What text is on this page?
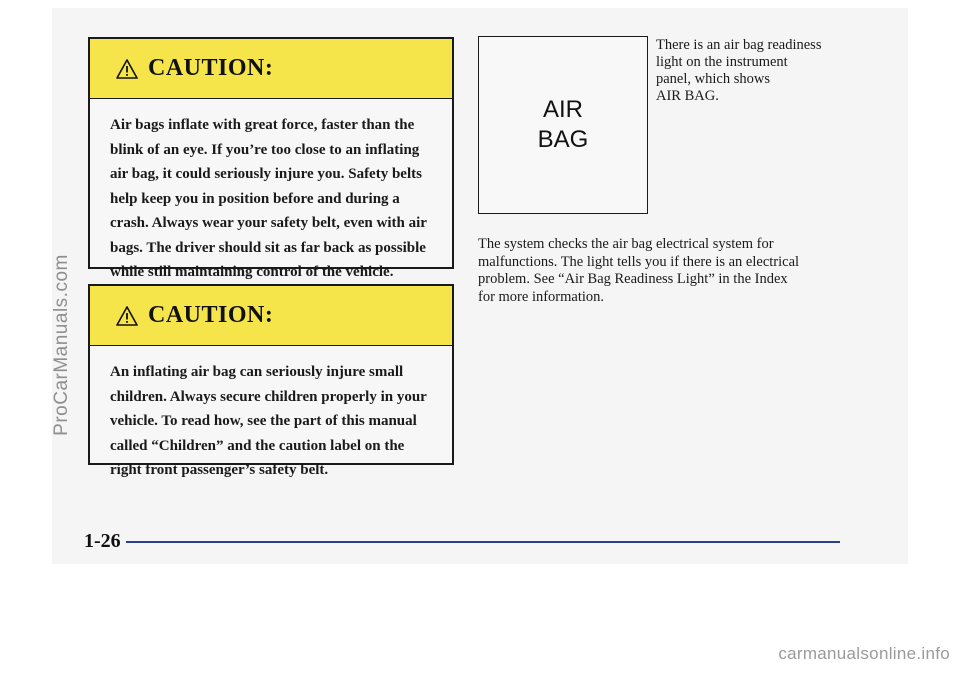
CAUTION:
Air bags inflate with great force, faster than the
blink of an eye. If you’re too close to an inflating
air bag, it could seriously injure you. Safety belts
help keep you in position before and during a
crash. Always wear your safety belt, even with air
bags. The driver should sit as far back as possible
while still maintaining control of the vehicle.
CAUTION:
An inflating air bag can seriously injure small
children. Always secure children properly in your
vehicle. To read how, see the part of this manual
called “Children” and the caution label on the
right front passenger’s safety belt.
AIR
BAG
There is an air bag readiness
light on the instrument
panel, which shows
AIR BAG.
The system checks the air bag electrical system for
malfunctions. The light tells you if there is an electrical
problem. See “Air Bag Readiness Light” in the Index
for more information.
1-26
ProCarManuals.com
carmanualsonline.info
